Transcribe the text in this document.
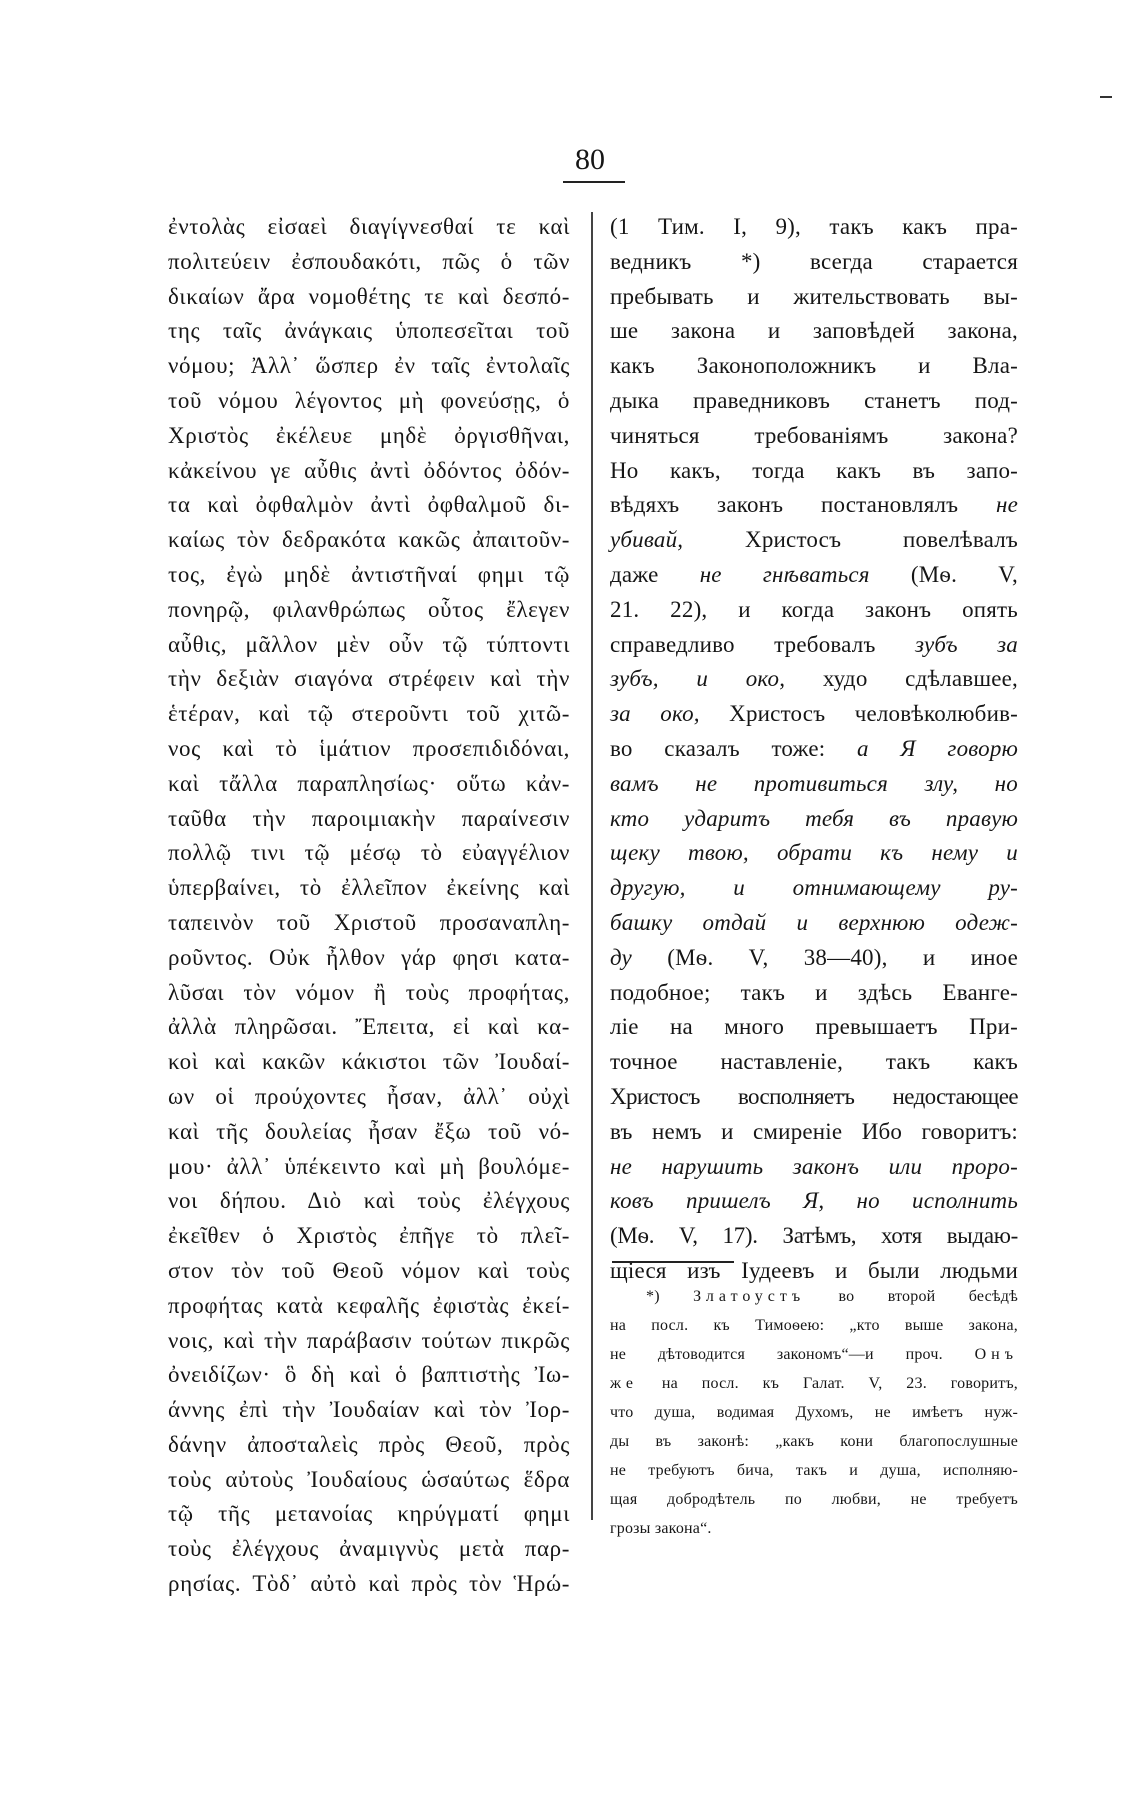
80
ἐντολὰς εἰσαεὶ διαγίγνεσθαί τε καὶ
πολιτεύειν ἐσπουδακότι, πῶς ὁ τῶν
δικαίων ἄρα νομοθέτης τε καὶ δεσπό-
της ταῖς ἀνάγκαις ὑποπεσεῖται τοῦ
νόμου; Ἀλλ᾽ ὥσπερ ἐν ταῖς ἐντολαῖς
τοῦ νόμου λέγοντος μὴ φονεύσῃς, ὁ
Χριστὸς ἐκέλευε μηδὲ ὀργισθῆναι,
κἀκείνου γε αὖθις ἀντὶ ὀδόντος ὀδόν-
τα καὶ ὀφθαλμὸν ἀντὶ ὀφθαλμοῦ δι-
καίως τὸν δεδρακότα κακῶς ἀπαιτοῦν-
τος, ἐγὼ μηδὲ ἀντιστῆναί φημι τῷ
πονηρῷ, φιλανθρώπως οὗτος ἔλεγεν
αὖθις, μᾶλλον μὲν οὖν τῷ τύπτοντι
τὴν δεξιὰν σιαγόνα στρέφειν καὶ τὴν
ἑτέραν, καὶ τῷ στεροῦντι τοῦ χιτῶ-
νος καὶ τὸ ἱμάτιον προσεπιδιδόναι,
καὶ τἄλλα παραπλησίως· οὕτω κἀν-
ταῦθα τὴν παροιμιακὴν παραίνεσιν
πολλῷ τινι τῷ μέσῳ τὸ εὐαγγέλιον
ὑπερβαίνει, τὸ ἐλλεῖπον ἐκείνης καὶ
ταπεινὸν τοῦ Χριστοῦ προσαναπλη-
ροῦντος. Οὐκ ἦλθον γάρ φησι κατα-
λῦσαι τὸν νόμον ἢ τοὺς προφήτας,
ἀλλὰ πληρῶσαι. Ἔπειτα, εἰ καὶ κα-
κοὶ καὶ κακῶν κάκιστοι τῶν Ἰουδαί-
ων οἱ προύχοντες ἦσαν, ἀλλ᾽ οὐχὶ
καὶ τῆς δουλείας ἦσαν ἔξω τοῦ νό-
μου· ἀλλ᾽ ὑπέκειντο καὶ μὴ βουλόμε-
νοι δήπου. Διὸ καὶ τοὺς ἐλέγχους
ἐκεῖθεν ὁ Χριστὸς ἐπῆγε τὸ πλεῖ-
στον τὸν τοῦ Θεοῦ νόμον καὶ τοὺς
προφήτας κατὰ κεφαλῆς ἐφιστὰς ἐκεί-
νοις, καὶ τὴν παράβασιν τούτων πικρῶς
ὀνειδίζων· ὃ δὴ καὶ ὁ βαπτιστὴς Ἰω-
άννης ἐπὶ τὴν Ἰουδαίαν καὶ τὸν Ἰορ-
δάνην ἀποσταλεὶς πρὸς Θεοῦ, πρὸς
τοὺς αὐτοὺς Ἰουδαίους ὡσαύτως ἕδρα
τῷ τῆς μετανοίας κηρύγματί φημι
τοὺς ἐλέγχους ἀναμιγνὺς μετὰ παρ-
ρησίας. Τὸδ᾽ αὐτὸ καὶ πρὸς τὸν Ἡρώ-
(1 Тим. I, 9), такъ какъ пра-
ведникъ *) всегда старается
пребывать и жительствовать вы-
ше закона и заповѣдей закона,
какъ Законоположникъ и Вла-
дыка праведниковъ станетъ под-
чиняться требованiямъ закона?
Но какъ, тогда какъ въ запо-
вѣдяхъ законъ постановлялъ не
убивай,	Христосъ повелѣвалъ
даже не гнѣваться (Мѳ. V,
21. 22), и когда законъ опять
справедливо требовалъ зубъ за
зубъ, и око, худо сдѣлавшее,
за око, Христосъ человѣколюбив-
во сказалъ тоже: а Я говорю
вамъ не противиться злу, но
кто ударитъ тебя въ правую
щеку твою, обрати къ нему и
другую, и отнимающему ру-
башку отдай и верхнюю одеж-
ду (Мѳ. V, 38—40), и иное
подобное; такъ и здѣсь Еванге-
лiе на много превышаетъ При-
точное наставленiе, такъ какъ
Христосъ восполняетъ недостающее
въ немъ и смиренiе Ибо говоритъ:
не нарушить законъ или проро-
ковъ пришелъ Я, но исполнить
(Мѳ. V, 17). Затѣмъ, хотя выдаю-
щiеся изъ Іудеевъ и были людьми
*) Златоустъ во второй бесѣдѣ
на посл. къ Тимоѳею: „кто выше закона,
не дѣтоводится закономъ“—и проч. Онъ
же на посл. къ Галат. V, 23. говоритъ,
что душа, водимая Духомъ, не имѣетъ нуж-
ды въ законѣ: „какъ кони благопослушные
не требуютъ бича, такъ и душа, исполняю-
щая добродѣтель по любви, не требуетъ
грозы закона“.
